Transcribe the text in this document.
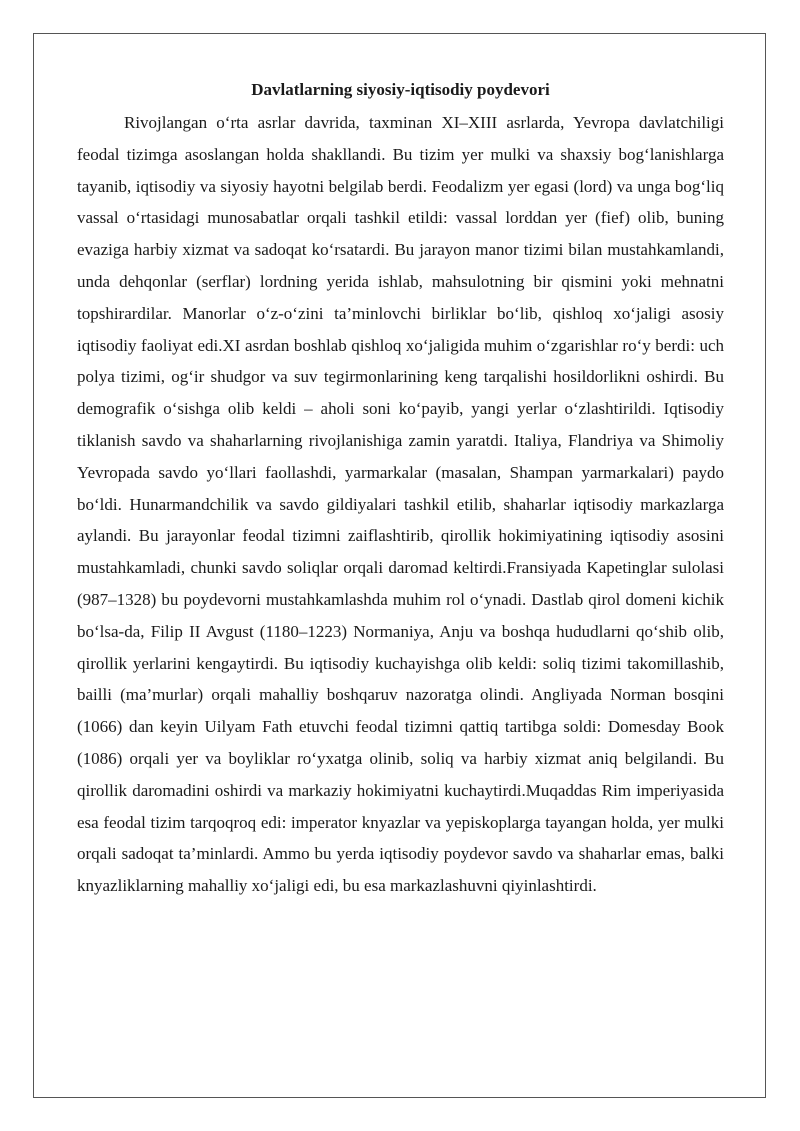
Davlatlarning siyosiy-iqtisodiy poydevori

Rivojlangan o‘rta asrlar davrida, taxminan XI–XIII asrlarda, Yevropa davlatchiligi feodal tizimga asoslangan holda shakllandi. Bu tizim yer mulki va shaxsiy bog‘lanishlarga tayanib, iqtisodiy va siyosiy hayotni belgilab berdi. Feodalizm yer egasi (lord) va unga bog‘liq vassal o‘rtasidagi munosabatlar orqali tashkil etildi: vassal lorddan yer (fief) olib, buning evaziga harbiy xizmat va sadoqat ko‘rsatardi. Bu jarayon manor tizimi bilan mustahkamlandi, unda dehqonlar (serflar) lordning yerida ishlab, mahsulotning bir qismini yoki mehnatni topshirardilar. Manorlar o‘z-o‘zini ta’minlovchi birliklar bo‘lib, qishloq xo‘jaligi asosiy iqtisodiy faoliyat edi.XI asrdan boshlab qishloq xo‘jaligida muhim o‘zgarishlar ro‘y berdi: uch polya tizimi, og‘ir shudgor va suv tegirmonlarining keng tarqalishi hosildorlikni oshirdi. Bu demografik o‘sishga olib keldi – aholi soni ko‘payib, yangi yerlar o‘zlashtirildi. Iqtisodiy tiklanish savdo va shaharlarning rivojlanishiga zamin yaratdi. Italiya, Flandriya va Shimoliy Yevropada savdo yo‘llari faollashdi, yarmarkalar (masalan, Shampan yarmarkalari) paydo bo‘ldi. Hunarmandchilik va savdo gildiyalari tashkil etilib, shaharlar iqtisodiy markazlarga aylandi. Bu jarayonlar feodal tizimni zaiflashtirib, qirollik hokimiyatining iqtisodiy asosini mustahkamladi, chunki savdo soliqlar orqali daromad keltirdi.Fransiyada Kapetinglar sulolasi (987–1328) bu poydevorni mustahkamlashda muhim rol o‘ynadi. Dastlab qirol domeni kichik bo‘lsa-da, Filip II Avgust (1180–1223) Normaniya, Anju va boshqa hududlarni qo‘shib olib, qirollik yerlarini kengaytirdi. Bu iqtisodiy kuchayishga olib keldi: soliq tizimi takomillashib, bailli (ma’murlar) orqali mahalliy boshqaruv nazoratga olindi. Angliyada Norman bosqini (1066) dan keyin Uilyam Fath etuvchi feodal tizimni qattiq tartibga soldi: Domesday Book (1086) orqali yer va boyliklar ro‘yxatga olinib, soliq va harbiy xizmat aniq belgilandi. Bu qirollik daromadini oshirdi va markaziy hokimiyatni kuchaytirdi.Muqaddas Rim imperiyasida esa feodal tizim tarqoqroq edi: imperator knyazlar va yepiskoplarga tayangan holda, yer mulki orqali sadoqat ta’minlardi. Ammo bu yerda iqtisodiy poydevor savdo va shaharlar emas, balki knyazliklarning mahalliy xo‘jaligi edi, bu esa markazlashuvni qiyinlashtirdi.
